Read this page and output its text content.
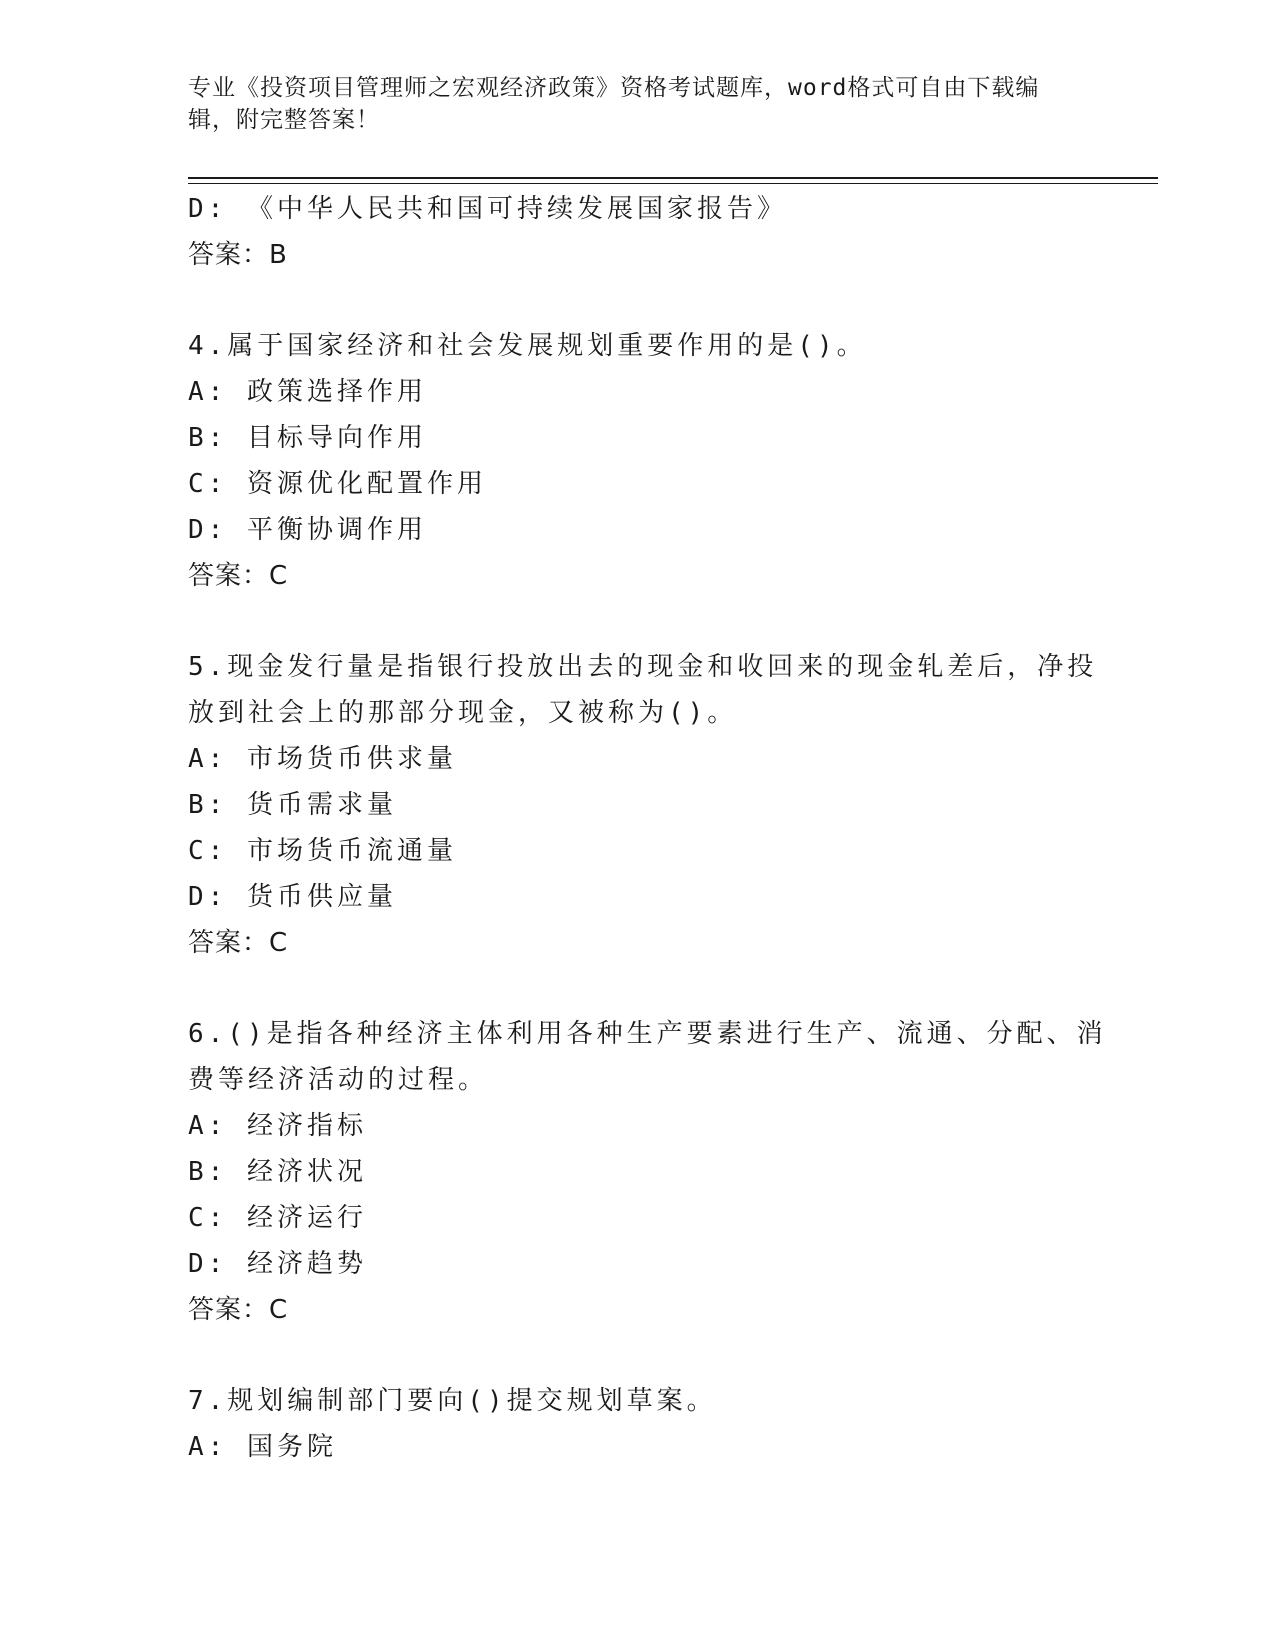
专业《投资项目管理师之宏观经济政策》资格考试题库，word格式可自由下载编
辑，附完整答案！
D: 《中华人民共和国可持续发展国家报告》
答案：B
4.属于国家经济和社会发展规划重要作用的是()。
A: 政策选择作用
B: 目标导向作用
C: 资源优化配置作用
D: 平衡协调作用
答案：C
5.现金发行量是指银行投放出去的现金和收回来的现金轧差后，净投
放到社会上的那部分现金，又被称为()。
A: 市场货币供求量
B: 货币需求量
C: 市场货币流通量
D: 货币供应量
答案：C
6.()是指各种经济主体利用各种生产要素进行生产、流通、分配、消
费等经济活动的过程。
A: 经济指标
B: 经济状况
C: 经济运行
D: 经济趋势
答案：C
7.规划编制部门要向()提交规划草案。
A: 国务院
